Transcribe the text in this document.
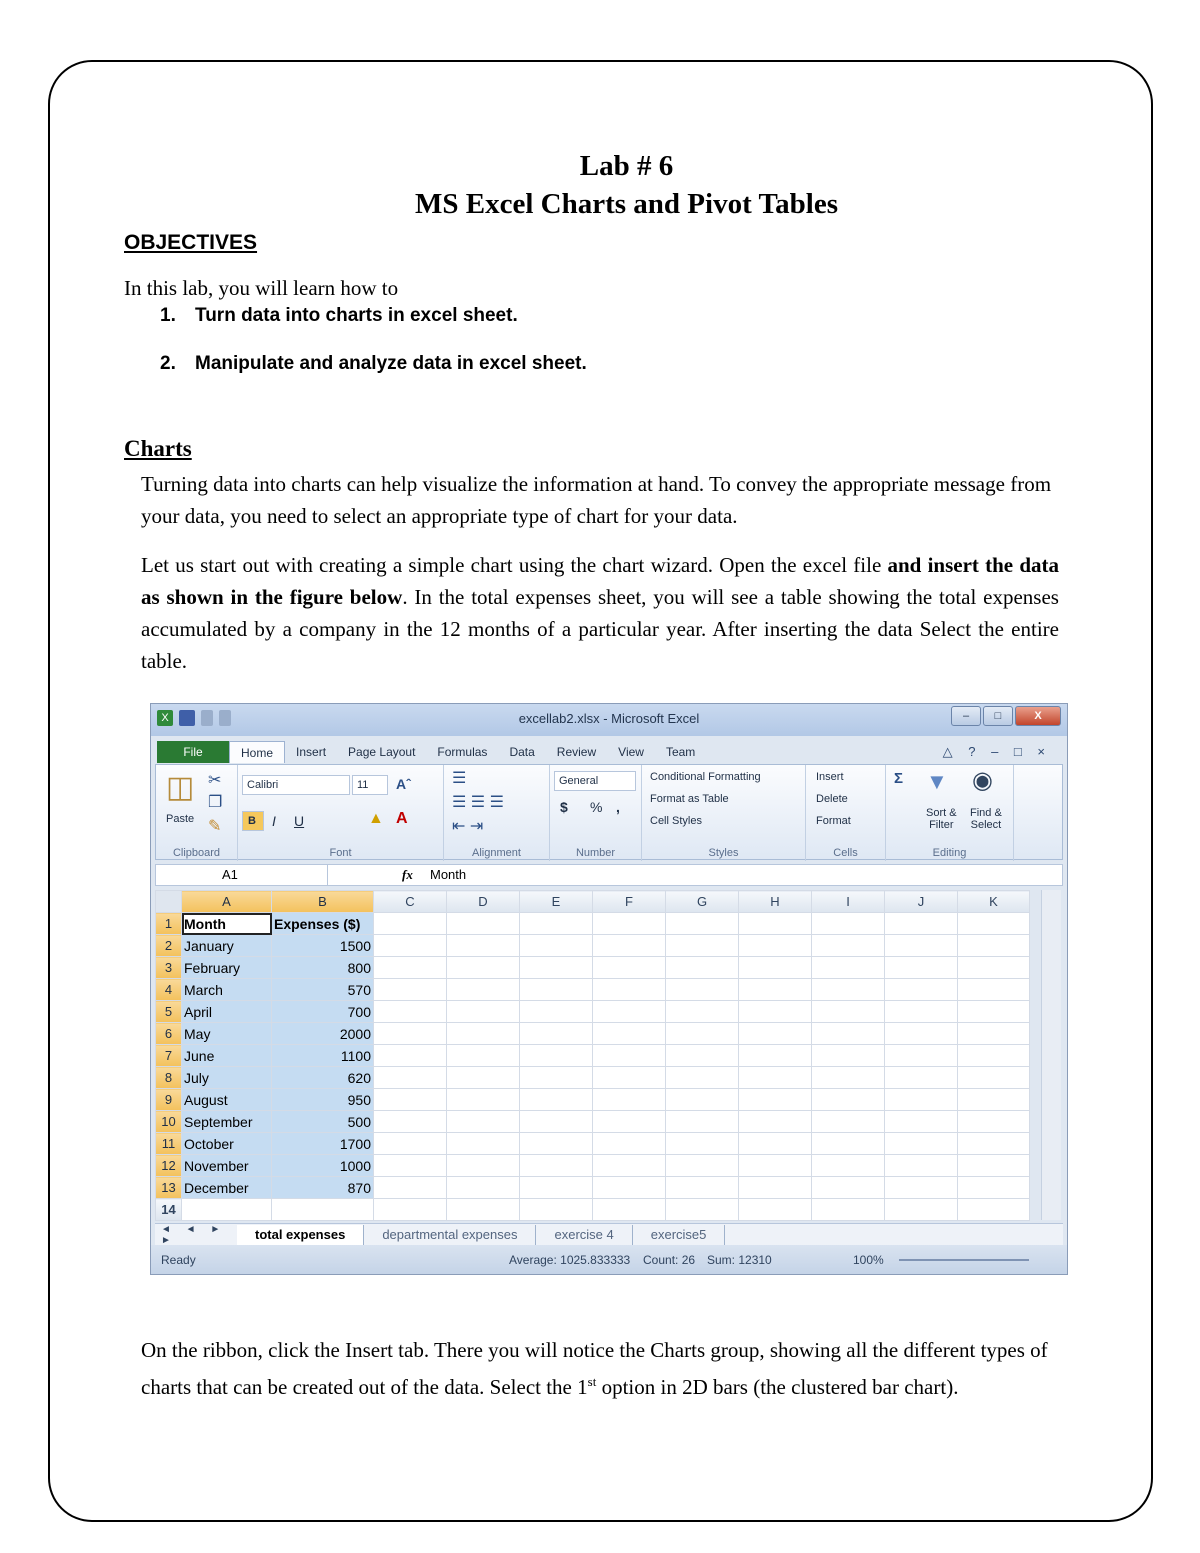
Lab # 6
MS Excel Charts and Pivot Tables
OBJECTIVES
In this lab, you will learn how to
1.	Turn data into charts in excel sheet.
2.	Manipulate and analyze data in excel sheet.
Charts
Turning data into charts can help visualize the information at hand. To convey the appropriate message from your data, you need to select an appropriate type of chart for your data.
Let us start out with creating a simple chart using the chart wizard. Open the excel file and insert the data as shown in the figure below. In the total expenses sheet, you will see a table showing the total expenses accumulated by a company in the 12 months of a particular year. After inserting the data Select the entire table.
X	excellab2.xlsx - Microsoft Excel	–	□	X
File	Home	Insert	Page Layout	Formulas	Data	Review	View	Team	△ ? – □ ×
◫
Paste
✂
❐
✎
Clipboard
Calibri	11	Aˆ
B	I U	▲ A
Font
☰
☰ ☰ ☰
⇤ ⇥
Alignment
General
$ % ,
Number
Conditional Formatting
Format as Table
Cell Styles
Styles
Insert
Delete
Format
Cells
Σ ▼ ◉
Sort &
Filter
Find &
Select
Editing
A1	fx Month
	A	B	C	D	E	F	G	H	I	J	K
1	Month	Expenses ($)									
2	January	1500									
3	February	800									
4	March	570									
5	April	700									
6	May	2000									
7	June	1100									
8	July	620									
9	August	950									
10	September	500									
11	October	1700									
12	November	1000									
13	December	870									
14											
◄ ◄ ► ►	total expenses	departmental expenses	exercise 4	exercise5
Ready	Average: 1025.833333 Count: 26 Sum: 12310	100%
On the ribbon, click the Insert tab. There you will notice the Charts group, showing all the different types of charts that can be created out of the data. Select the 1st option in 2D bars (the clustered bar chart).
